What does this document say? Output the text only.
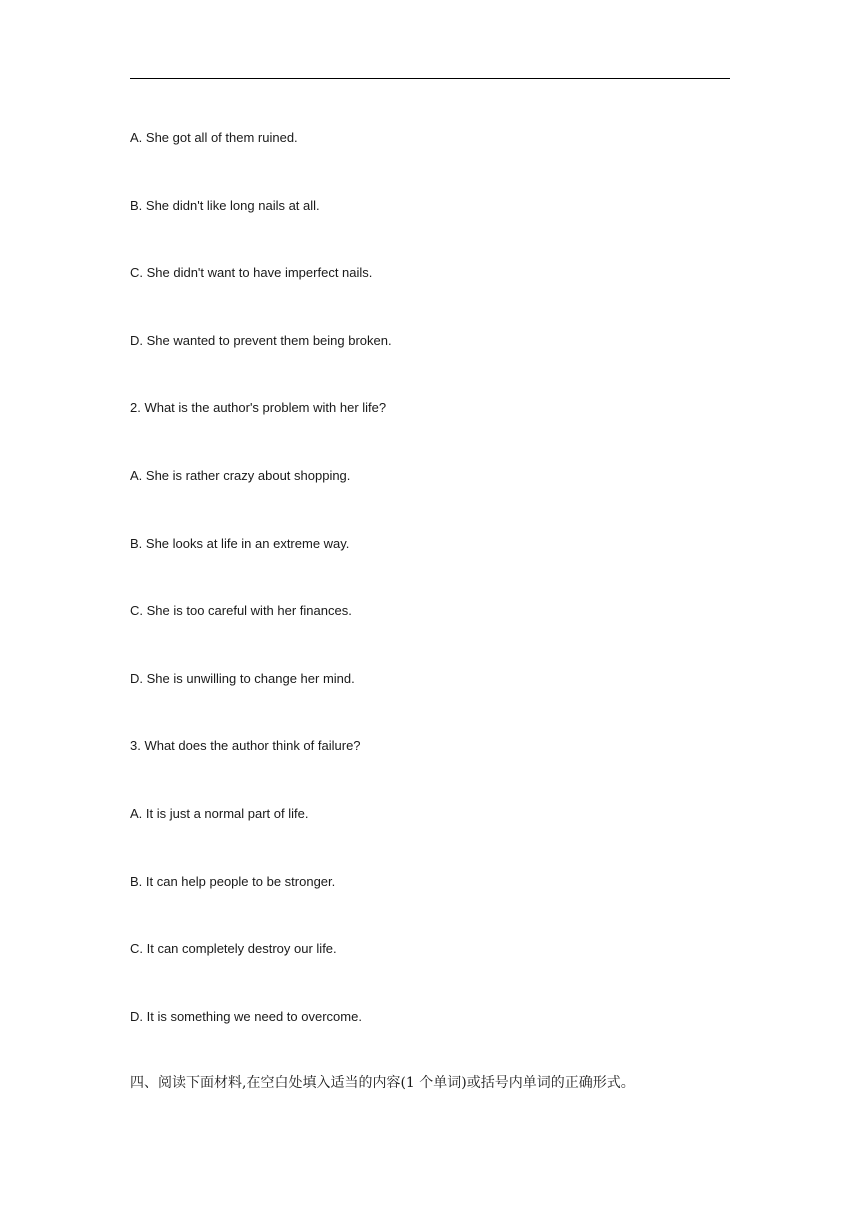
A. She got all of them ruined.
B. She didn't like long nails at all.
C. She didn't want to have imperfect nails.
D. She wanted to prevent them being broken.
2. What is the author's problem with her life?
A. She is rather crazy about shopping.
B. She looks at life in an extreme way.
C. She is too careful with her finances.
D. She is unwilling to change her mind.
3. What does the author think of failure?
A. It is just a normal part of life.
B. It can help people to be stronger.
C. It can completely destroy our life.
D. It is something we need to overcome.
四、阅读下面材料,在空白处填入适当的内容(1 个单词)或括号内单词的正确形式。
